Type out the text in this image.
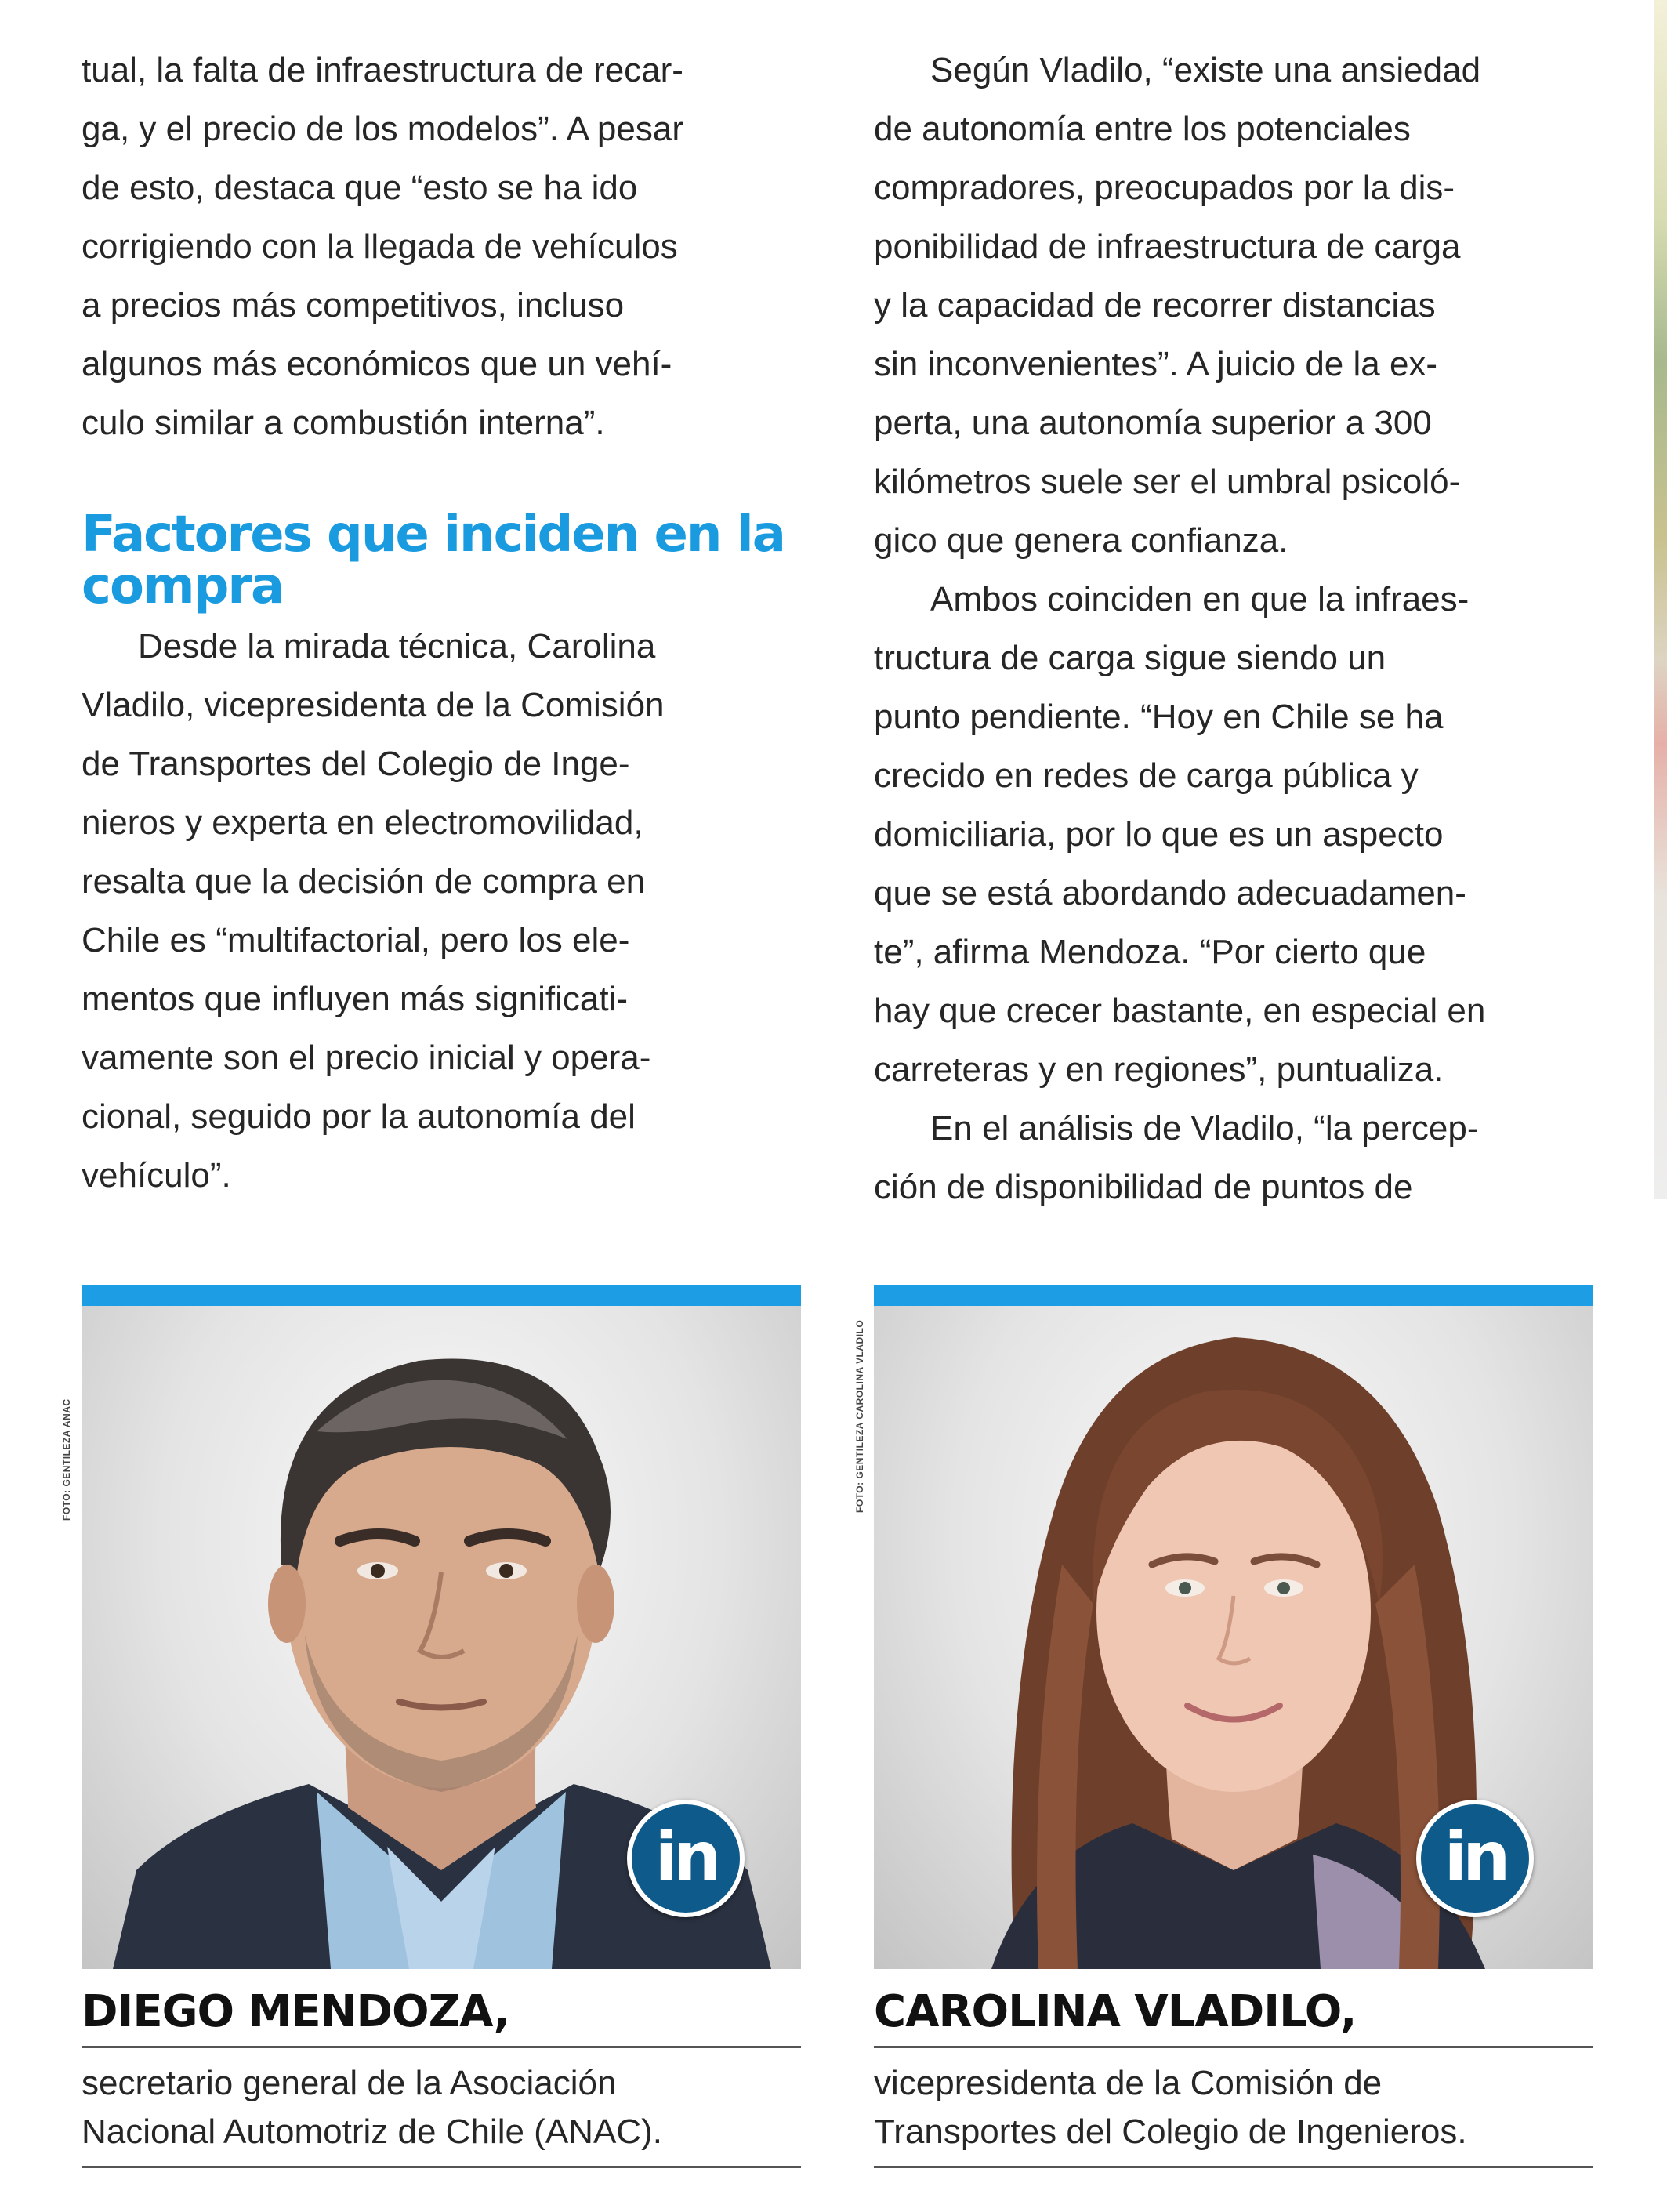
tual, la falta de infraestructura de recar-
ga, y el precio de los modelos”. A pesar
de esto, destaca que “esto se ha ido
corrigiendo con la llegada de vehículos
a precios más competitivos, incluso
algunos más económicos que un vehí-
culo similar a combustión interna”.

Factores que inciden en la
compra

Desde la mirada técnica, Carolina
Vladilo, vicepresidenta de la Comisión
de Transportes del Colegio de Inge-
nieros y experta en electromovilidad,
resalta que la decisión de compra en
Chile es “multifactorial, pero los ele-
mentos que influyen más significati-
vamente son el precio inicial y opera-
cional, seguido por la autonomía del
vehículo”.

Según Vladilo, “existe una ansiedad
de autonomía entre los potenciales
compradores, preocupados por la dis-
ponibilidad de infraestructura de carga
y la capacidad de recorrer distancias
sin inconvenientes”. A juicio de la ex-
perta, una autonomía superior a 300
kilómetros suele ser el umbral psicoló-
gico que genera confianza.

Ambos coinciden en que la infraes-
tructura de carga sigue siendo un
punto pendiente. “Hoy en Chile se ha
crecido en redes de carga pública y
domiciliaria, por lo que es un aspecto
que se está abordando adecuadamen-
te”, afirma Mendoza. “Por cierto que
hay que crecer bastante, en especial en
carreteras y en regiones”, puntualiza.

En el análisis de Vladilo, “la percep-
ción de disponibilidad de puntos de

FOTO: GENTILEZA ANAC	FOTO: GENTILEZA CAROLINA VLADILO
in
DIEGO MENDOZA,
secretario general de la Asociación
Nacional Automotriz de Chile (ANAC).
in
CAROLINA VLADILO,
vicepresidenta de la Comisión de
Transportes del Colegio de Ingenieros.
